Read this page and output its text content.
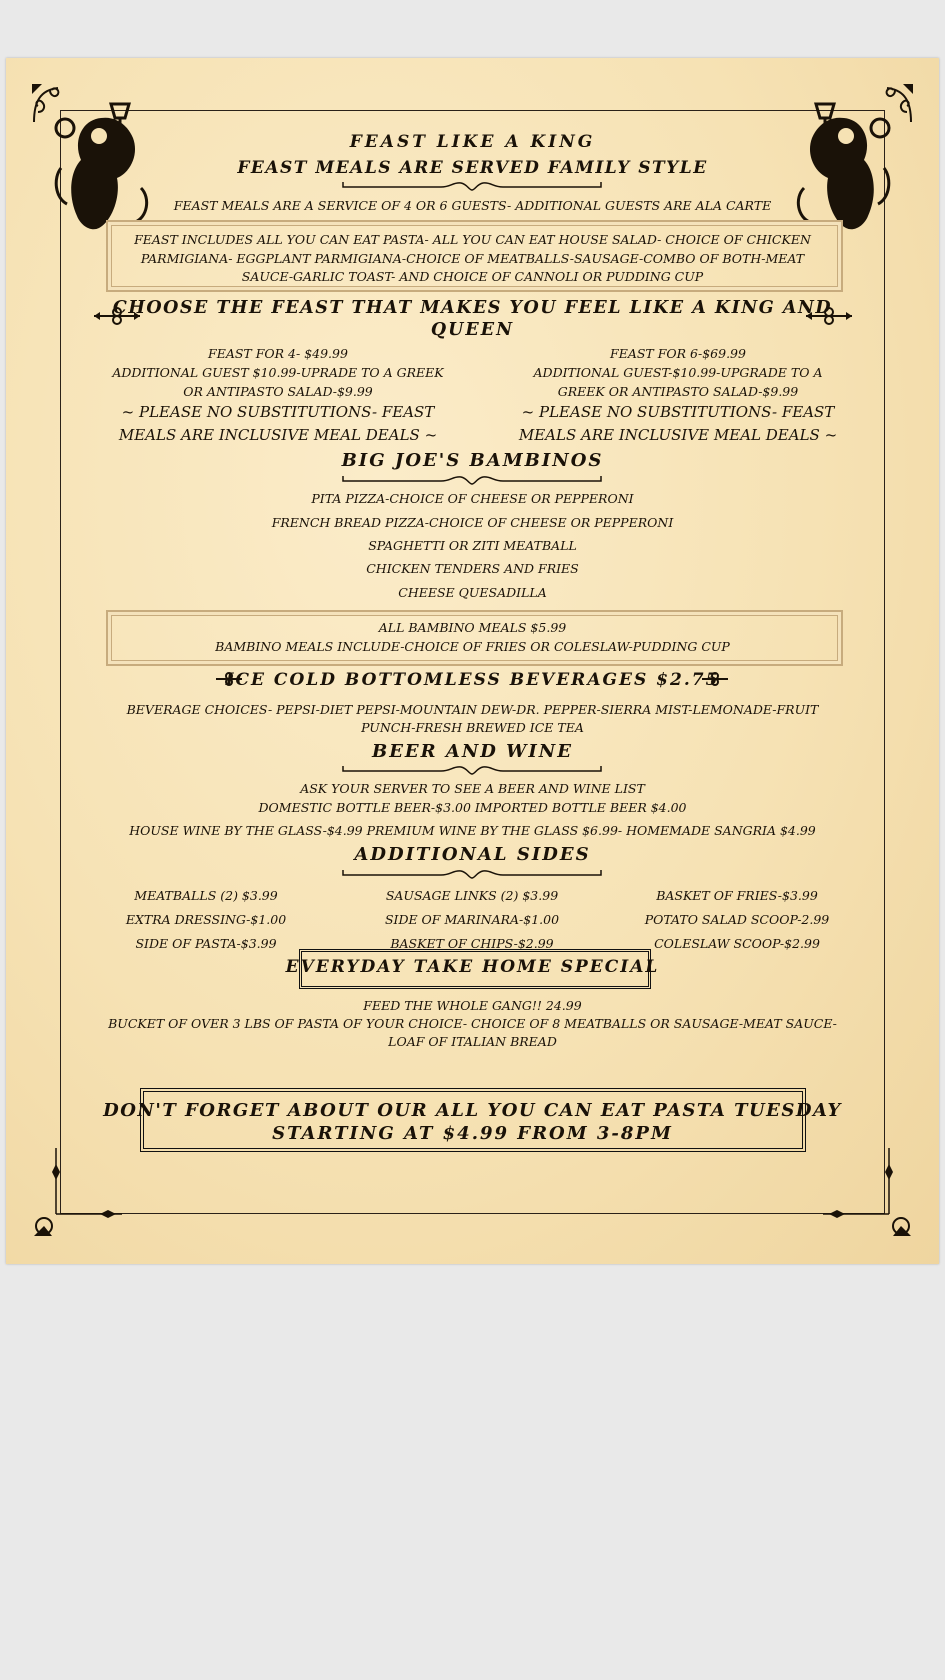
FEAST LIKE A KING
FEAST MEALS ARE SERVED FAMILY STYLE
FEAST MEALS ARE A SERVICE OF 4 OR 6 GUESTS- ADDITIONAL GUESTS ARE ALA CARTE
FEAST INCLUDES ALL YOU CAN EAT PASTA- ALL YOU CAN EAT HOUSE SALAD- CHOICE OF CHICKEN
PARMIGIANA- EGGPLANT PARMIGIANA-CHOICE OF MEATBALLS-SAUSAGE-COMBO OF BOTH-MEAT
SAUCE-GARLIC TOAST- AND CHOICE OF CANNOLI OR PUDDING CUP
CHOOSE THE FEAST THAT MAKES YOU FEEL LIKE A KING AND
QUEEN
FEAST FOR 4- $49.99
ADDITIONAL GUEST $10.99-UPRADE TO A GREEK
OR ANTIPASTO SALAD-$9.99
~ PLEASE NO SUBSTITUTIONS- FEAST
MEALS ARE INCLUSIVE MEAL DEALS ~
FEAST FOR 6-$69.99
ADDITIONAL GUEST-$10.99-UPGRADE TO A
GREEK OR ANTIPASTO SALAD-$9.99
~ PLEASE NO SUBSTITUTIONS- FEAST
MEALS ARE INCLUSIVE MEAL DEALS ~
BIG JOE'S BAMBINOS
PITA PIZZA-CHOICE OF CHEESE OR PEPPERONI
FRENCH BREAD PIZZA-CHOICE OF CHEESE OR PEPPERONI
SPAGHETTI OR ZITI MEATBALL
CHICKEN TENDERS AND FRIES
CHEESE QUESADILLA
ALL BAMBINO MEALS $5.99
BAMBINO MEALS INCLUDE-CHOICE OF FRIES OR COLESLAW-PUDDING CUP
ICE COLD BOTTOMLESS BEVERAGES $2.75
BEVERAGE CHOICES- PEPSI-DIET PEPSI-MOUNTAIN DEW-DR. PEPPER-SIERRA MIST-LEMONADE-FRUIT
PUNCH-FRESH BREWED ICE TEA
BEER AND WINE
ASK YOUR SERVER TO SEE A BEER AND WINE LIST
DOMESTIC BOTTLE BEER-$3.00 IMPORTED BOTTLE BEER $4.00
HOUSE WINE BY THE GLASS-$4.99 PREMIUM WINE BY THE GLASS $6.99- HOMEMADE SANGRIA $4.99
ADDITIONAL SIDES
MEATBALLS (2) $3.99
EXTRA DRESSING-$1.00
SIDE OF PASTA-$3.99
SAUSAGE LINKS (2) $3.99
SIDE OF MARINARA-$1.00
BASKET OF CHIPS-$2.99
BASKET OF FRIES-$3.99
POTATO SALAD SCOOP-2.99
COLESLAW SCOOP-$2.99
EVERYDAY TAKE HOME SPECIAL
FEED THE WHOLE GANG!! 24.99
BUCKET OF OVER 3 LBS OF PASTA OF YOUR CHOICE- CHOICE OF 8 MEATBALLS OR SAUSAGE-MEAT SAUCE-
LOAF OF ITALIAN BREAD
DON'T FORGET ABOUT OUR ALL YOU CAN EAT PASTA TUESDAY
STARTING AT $4.99 FROM 3-8PM
